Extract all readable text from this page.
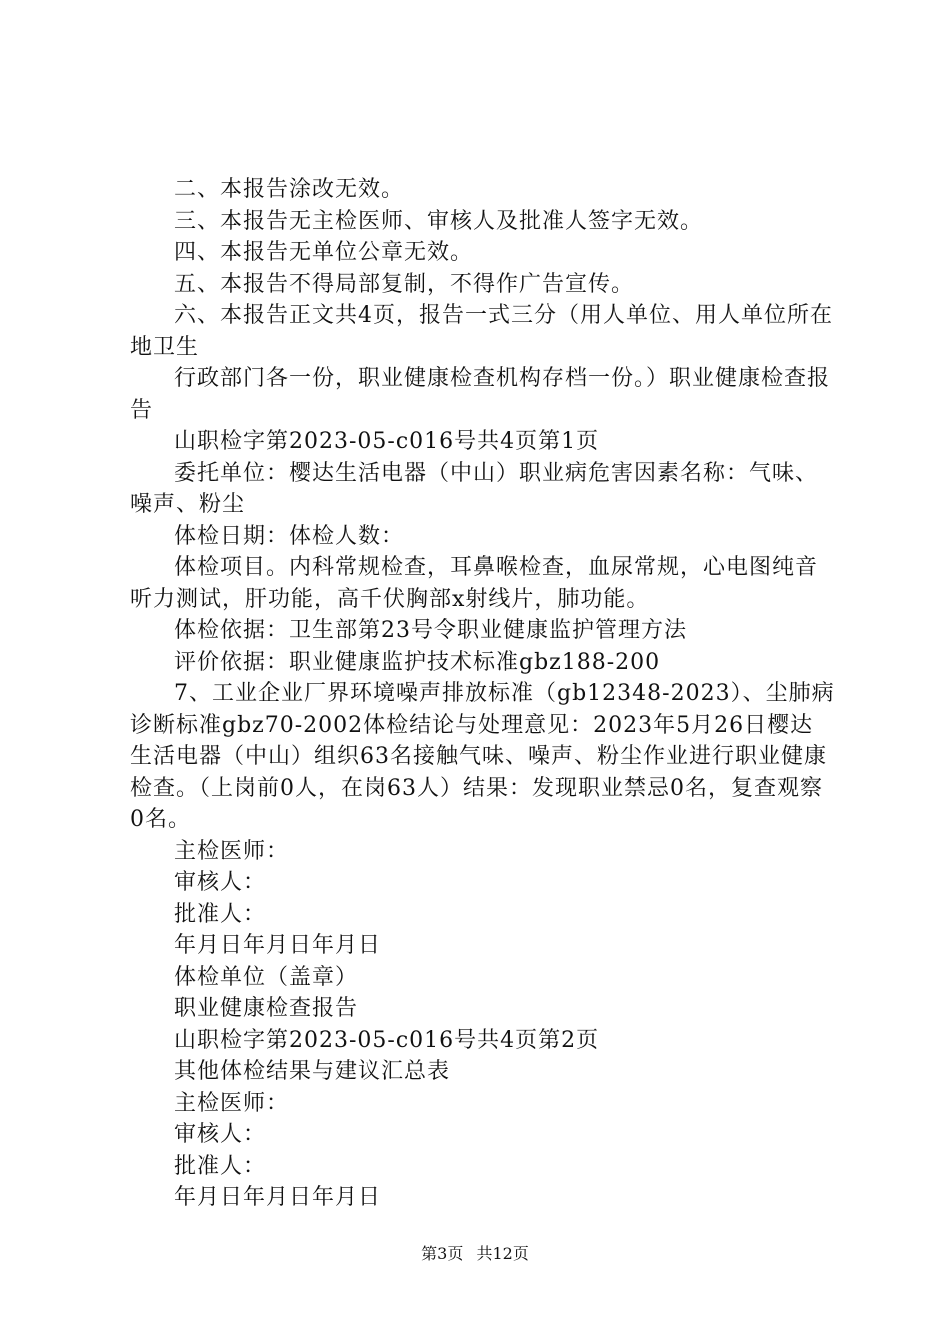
二、本报告涂改无效。

三、本报告无主检医师、审核人及批准人签字无效。

四、本报告无单位公章无效。

五、本报告不得局部复制，不得作广告宣传。

六、本报告正文共4页，报告一式三分（用人单位、用人单位所在地卫生

行政部门各一份，职业健康检查机构存档一份。）职业健康检查报告

山职检字第2023-05-c016号共4页第1页

委托单位：樱达生活电器（中山）职业病危害因素名称：气味、噪声、粉尘

体检日期：体检人数：

体检项目。内科常规检查，耳鼻喉检查，血尿常规，心电图纯音听力测试，肝功能，高千伏胸部x射线片，肺功能。

体检依据：卫生部第23号令职业健康监护管理方法

评价依据：职业健康监护技术标准gbz188-200

7、工业企业厂界环境噪声排放标准（gb12348-2023）、尘肺病诊断标准gbz70-2002体检结论与处理意见：2023年5月26日樱达生活电器（中山）组织63名接触气味、噪声、粉尘作业进行职业健康检查。（上岗前0人，在岗63人）结果：发现职业禁忌0名，复查观察0名。

主检医师：

审核人：

批准人：

年月日年月日年月日

体检单位（盖章）

职业健康检查报告

山职检字第2023-05-c016号共4页第2页

其他体检结果与建议汇总表

主检医师：

审核人：

批准人：

年月日年月日年月日

第3页 共12页
